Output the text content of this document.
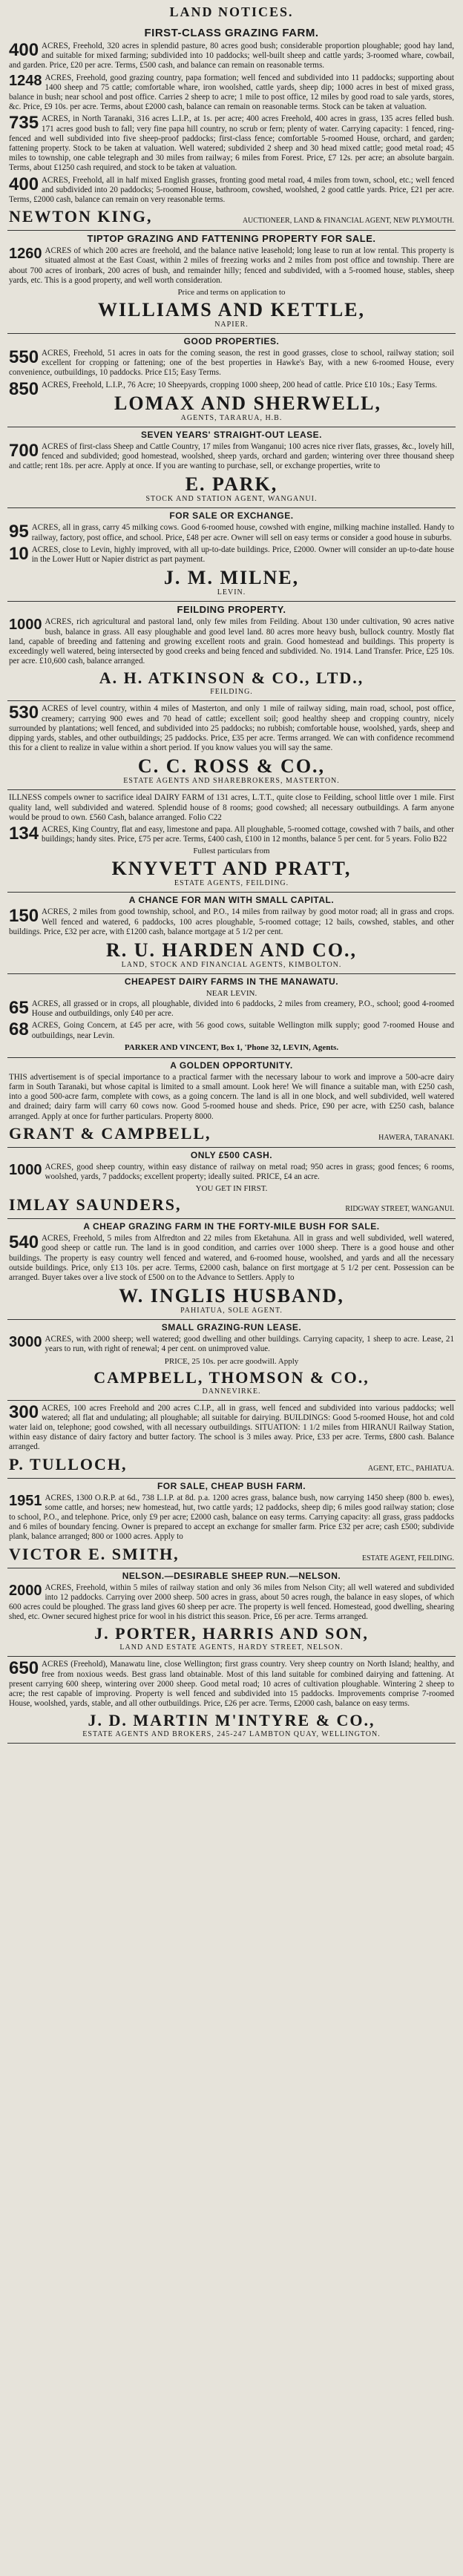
LAND NOTICES.
FIRST-CLASS GRAZING FARM.
400 ACRES, Freehold, 320 acres in splendid pasture, 80 acres good bush; considerable proportion ploughable; good hay land, and suitable for mixed farming; subdivided into 10 paddocks; well-built sheep and cattle yards; 3-roomed whare, cowbail, and garden. Price, £20 per acre. Terms, £500 cash, and balance can remain on reasonable terms.
1248 ACRES, Freehold, good grazing country, papa formation; well fenced and subdivided into 11 paddocks; supporting about 1400 sheep and 75 cattle; comfortable whare, iron woolshed, cattle yards, sheep dip; 1000 acres in best of mixed grass, balance in bush; near school and post office. Carries 2 sheep to acre; 1 mile to post office, 12 miles by good road to sale yards, stores, &c. Price, £9 10s. per acre. Terms, about £2000 cash, balance can remain on reasonable terms. Stock can be taken at valuation.
735 ACRES, in North Taranaki, 316 acres L.I.P., at 1s. per acre; 400 acres Freehold, 400 acres in grass, 135 acres felled bush. 171 acres good bush to fall; very fine papa hill country, no scrub or fern; plenty of water. Carrying capacity: 1 fenced, ring-fenced and well subdivided into five sheep-proof paddocks; first-class fence; comfortable 5-roomed House, orchard, and garden; fattening property. Stock to be taken at valuation. Well watered; subdivided 2 sheep and 30 head mixed cattle; good metal road; 45 miles to township, one cable telegraph and 30 miles from railway; 6 miles from Forest. Price, £7 12s. per acre; an absolute bargain. Terms, about £1250 cash required, and stock to be taken at valuation.
400 ACRES, Freehold, all in half mixed English grasses, fronting good metal road, 4 miles from town, school, etc.; well fenced and subdivided into 20 paddocks; 5-roomed House, bathroom, cowshed, woolshed, 2 good cattle yards. Price, £21 per acre. Terms, £2000 cash, balance can remain on very reasonable terms.
NEWTON KING,	AUCTIONEER, LAND & FINANCIAL AGENT, NEW PLYMOUTH.
TIPTOP GRAZING AND FATTENING PROPERTY FOR SALE.
1260 ACRES of which 200 acres are freehold, and the balance native leasehold; long lease to run at low rental. This property is situated almost at the East Coast, within 2 miles of freezing works and 2 miles from post office and township. There are about 700 acres of ironbark, 200 acres of bush, and remainder hilly; fenced and subdivided, with a 5-roomed house, stables, sheep yards, etc. This is a good property, and well worth consideration.
Price and terms on application to
WILLIAMS AND KETTLE,
NAPIER.
GOOD PROPERTIES.
550 ACRES, Freehold, 51 acres in oats for the coming season, the rest in good grasses, close to school, railway station; soil excellent for cropping or fattening; one of the best properties in Hawke's Bay, with a new 6-roomed House, every convenience, outbuildings, 10 paddocks. Price £15; Easy Terms.
850 ACRES, Freehold, L.I.P., 76 Acre; 10 Sheepyards, cropping 1000 sheep, 200 head of cattle. Price £10 10s.; Easy Terms.
LOMAX AND SHERWELL,
AGENTS, TARARUA, H.B.
SEVEN YEARS' STRAIGHT-OUT LEASE.
700 ACRES of first-class Sheep and Cattle Country, 17 miles from Wanganui; 100 acres nice river flats, grasses, &c., lovely hill, fenced and subdivided; good homestead, woolshed, sheep yards, orchard and garden; wintering over three thousand sheep and cattle; rent 18s. per acre. Apply at once. If you are wanting to purchase, sell, or exchange properties, write to
E. PARK,
STOCK AND STATION AGENT, WANGANUI.
FOR SALE OR EXCHANGE.
95 ACRES, all in grass, carry 45 milking cows. Good 6-roomed house, cowshed with engine, milking machine installed. Handy to railway, factory, post office, and school. Price, £48 per acre. Owner will sell on easy terms or consider a good house in suburbs.
10 ACRES, close to Levin, highly improved, with all up-to-date buildings. Price, £2000. Owner will consider an up-to-date house in the Lower Hutt or Napier district as part payment.
J. M. MILNE,
LEVIN.
FEILDING PROPERTY.
1000 ACRES, rich agricultural and pastoral land, only few miles from Feilding. About 130 under cultivation, 90 acres native bush, balance in grass. All easy ploughable and good level land. 80 acres more heavy bush, bullock country. Mostly flat land, capable of breeding and fattening and growing excellent roots and grain. Good homestead and buildings. This property is exceedingly well watered, being intersected by good creeks and being fenced and subdivided. No. 1914. Land Transfer. Price, £25 10s. per acre. £10,600 cash, balance arranged.
A. H. ATKINSON & CO., LTD.,
FEILDING.
530 ACRES of level country, within 4 miles of Masterton, and only 1 mile of railway siding, main road, school, post office, creamery; carrying 900 ewes and 70 head of cattle; excellent soil; good healthy sheep and cropping country, nicely surrounded by plantations; well fenced, and subdivided into 25 paddocks; no rubbish; comfortable house, woolshed, yards, sheep and dipping yards, stables, and other outbuildings; 25 paddocks. Price, £35 per acre. Terms arranged. We can with confidence recommend this for a client to realize in value within a short period. If you know values you will say the same.
C. C. ROSS & CO.,
ESTATE AGENTS AND SHAREBROKERS, MASTERTON.
ILLNESS compels owner to sacrifice ideal DAIRY FARM of 131 acres, L.T.T., quite close to Feilding, school little over 1 mile. First quality land, well subdivided and watered. Splendid house of 8 rooms; good cowshed; all necessary outbuildings. A farm anyone would be proud to own. £560 Cash, balance arranged. Folio C22
134 ACRES, King Country, flat and easy, limestone and papa. All ploughable, 5-roomed cottage, cowshed with 7 bails, and other buildings; handy sites. Price, £75 per acre. Terms, £400 cash, £100 in 12 months, balance 5 per cent. for 5 years. Folio B22
Fullest particulars from
KNYVETT AND PRATT,
ESTATE AGENTS, FEILDING.
A CHANCE FOR MAN WITH SMALL CAPITAL.
150 ACRES, 2 miles from good township, school, and P.O., 14 miles from railway by good motor road; all in grass and crops. Well fenced and watered, 6 paddocks, 100 acres ploughable, 5-roomed cottage; 12 bails, cowshed, stables, and other buildings. Price, £32 per acre, with £1200 cash, balance mortgage at 5 1/2 per cent.
R. U. HARDEN AND CO.,
LAND, STOCK AND FINANCIAL AGENTS, KIMBOLTON.
CHEAPEST DAIRY FARMS IN THE MANAWATU.
NEAR LEVIN.
65 ACRES, all grassed or in crops, all ploughable, divided into 6 paddocks, 2 miles from creamery, P.O., school; good 4-roomed House and outbuildings, only £40 per acre.
68 ACRES, Going Concern, at £45 per acre, with 56 good cows, suitable Wellington milk supply; good 7-roomed House and outbuildings, near Levin.
PARKER AND VINCENT, Box 1, 'Phone 32, LEVIN, Agents.
A GOLDEN OPPORTUNITY.
THIS advertisement is of special importance to a practical farmer with the necessary labour to work and improve a 500-acre dairy farm in South Taranaki, but whose capital is limited to a small amount. Look here! We will finance a suitable man, with £250 cash, into a good 500-acre farm, complete with cows, as a going concern. The land is all in one block, and well subdivided, well watered and drained; dairy farm will carry 60 cows now. Good 5-roomed house and sheds. Price, £90 per acre, with £250 cash, balance arranged. Apply at once for further particulars. Property 8000.
GRANT & CAMPBELL,	HAWERA, TARANAKI.
ONLY £500 CASH.
1000 ACRES, good sheep country, within easy distance of railway on metal road; 950 acres in grass; good fences; 6 rooms, woolshed, yards, 7 paddocks; excellent property; ideally suited. PRICE, £4 an acre.
YOU GET IN FIRST.
IMLAY SAUNDERS,	RIDGWAY STREET, WANGANUI.
A CHEAP GRAZING FARM IN THE FORTY-MILE BUSH FOR SALE.
540 ACRES, Freehold, 5 miles from Alfredton and 22 miles from Eketahuna. All in grass and well subdivided, well watered, good sheep or cattle run. The land is in good condition, and carries over 1000 sheep. There is a good house and other buildings. The property is easy country well fenced and watered, and 6-roomed house, woolshed, and yards and all the necessary outside buildings. Price, only £13 10s. per acre. Terms, £2000 cash, balance on first mortgage at 5 1/2 per cent. Possession can be arranged. Buyer takes over a live stock of £500 on to the Advance to Settlers. Apply to
W. INGLIS HUSBAND,
PAHIATUA, SOLE AGENT.
SMALL GRAZING-RUN LEASE.
3000 ACRES, with 2000 sheep; well watered; good dwelling and other buildings. Carrying capacity, 1 sheep to acre. Lease, 21 years to run, with right of renewal; 4 per cent. on unimproved value.
PRICE, 25 10s. per acre goodwill. Apply
CAMPBELL, THOMSON & CO.,
DANNEVIRKE.
300 ACRES, 100 acres Freehold and 200 acres C.I.P., all in grass, well fenced and subdivided into various paddocks; well watered; all flat and undulating; all ploughable; all suitable for dairying. BUILDINGS: Good 5-roomed House, hot and cold water laid on, telephone; good cowshed, with all necessary outbuildings. SITUATION: 1 1/2 miles from HIRANUI Railway Station, within easy distance of dairy factory and butter factory. The school is 3 miles away. Price, £33 per acre. Terms, £800 cash. Balance arranged.
P. TULLOCH,	AGENT, ETC., PAHIATUA.
FOR SALE, CHEAP BUSH FARM.
1951 ACRES, 1300 O.R.P. at 6d., 738 L.I.P. at 8d. p.a. 1200 acres grass, balance bush, now carrying 1450 sheep (800 b. ewes), some cattle, and horses; new homestead, hut, two cattle yards; 12 paddocks, sheep dip; 6 miles good railway station; close to school, P.O., and telephone. Price, only £9 per acre; £2000 cash, balance on easy terms. Carrying capacity: all grass, grass paddocks and 6 miles of boundary fencing. Owner is prepared to accept an exchange for smaller farm. Price £32 per acre; cash £500; subdivide plank, balance arranged; 800 or 1000 acres. Apply to
VICTOR E. SMITH,	ESTATE AGENT, FEILDING.
NELSON.—DESIRABLE SHEEP RUN.—NELSON.
2000 ACRES, Freehold, within 5 miles of railway station and only 36 miles from Nelson City; all well watered and subdivided into 12 paddocks. Carrying over 2000 sheep. 500 acres in grass, about 50 acres rough, the balance in easy slopes, of which 600 acres could be ploughed. The grass land gives 60 sheep per acre. The property is well fenced. Homestead, good dwelling, shearing shed, etc. Owner secured highest price for wool in his district this season. Price, £6 per acre. Terms arranged.
J. PORTER, HARRIS AND SON,
LAND AND ESTATE AGENTS, HARDY STREET, NELSON.
650 ACRES (Freehold), Manawatu line, close Wellington; first grass country. Very sheep country on North Island; healthy, and free from noxious weeds. Best grass land obtainable. Most of this land suitable for combined dairying and fattening. At present carrying 600 sheep, wintering over 2000 sheep. Good metal road; 10 acres of cultivation ploughable. Wintering 2 sheep to acre; the rest capable of improving. Property is well fenced and subdivided into 15 paddocks. Improvements comprise 7-roomed House, woolshed, yards, stable, and all other outbuildings. Price, £26 per acre. Terms, £2000 cash, balance on easy terms.
J. D. MARTIN M'INTYRE & CO.,
ESTATE AGENTS AND BROKERS, 245-247 LAMBTON QUAY, WELLINGTON.
